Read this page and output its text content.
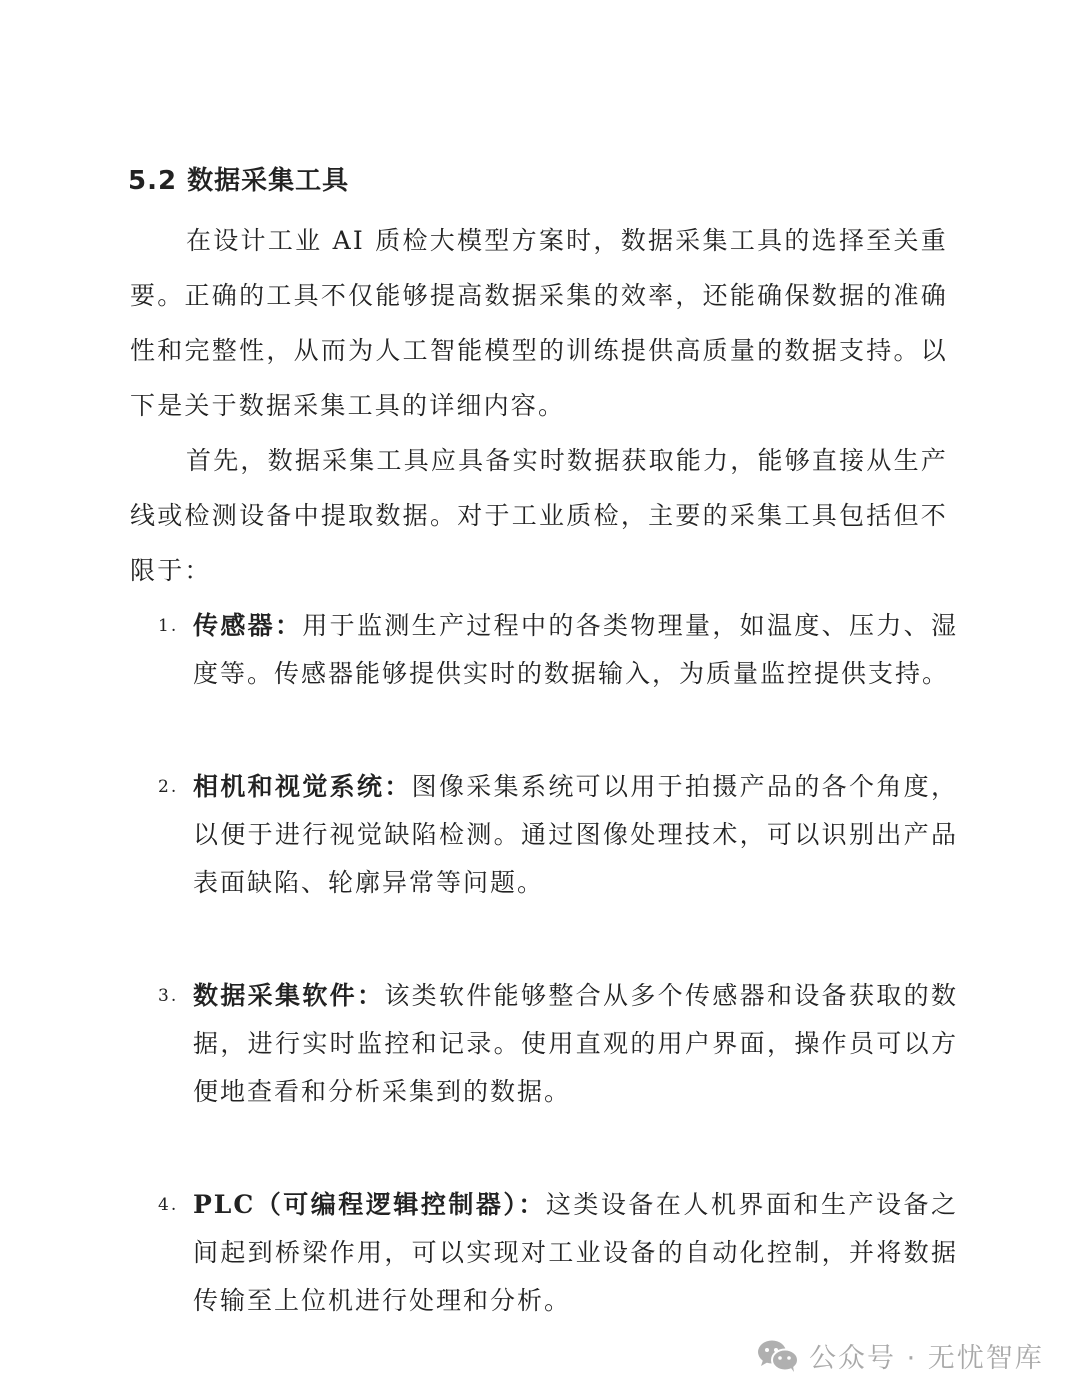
5.2 数据采集工具

在设计工业 AI 质检大模型方案时，数据采集工具的选择至关重要。正确的工具不仅能够提高数据采集的效率，还能确保数据的准确性和完整性，从而为人工智能模型的训练提供高质量的数据支持。以下是关于数据采集工具的详细内容。

首先，数据采集工具应具备实时数据获取能力，能够直接从生产线或检测设备中提取数据。对于工业质检，主要的采集工具包括但不限于：

1. 传感器：用于监测生产过程中的各类物理量，如温度、压力、湿度等。传感器能够提供实时的数据输入，为质量监控提供支持。
2. 相机和视觉系统：图像采集系统可以用于拍摄产品的各个角度，以便于进行视觉缺陷检测。通过图像处理技术，可以识别出产品表面缺陷、轮廓异常等问题。
3. 数据采集软件：该类软件能够整合从多个传感器和设备获取的数据，进行实时监控和记录。使用直观的用户界面，操作员可以方便地查看和分析采集到的数据。
4. PLC（可编程逻辑控制器）：这类设备在人机界面和生产设备之间起到桥梁作用，可以实现对工业设备的自动化控制，并将数据传输至上位机进行处理和分析。
公众号 · 无忧智库
